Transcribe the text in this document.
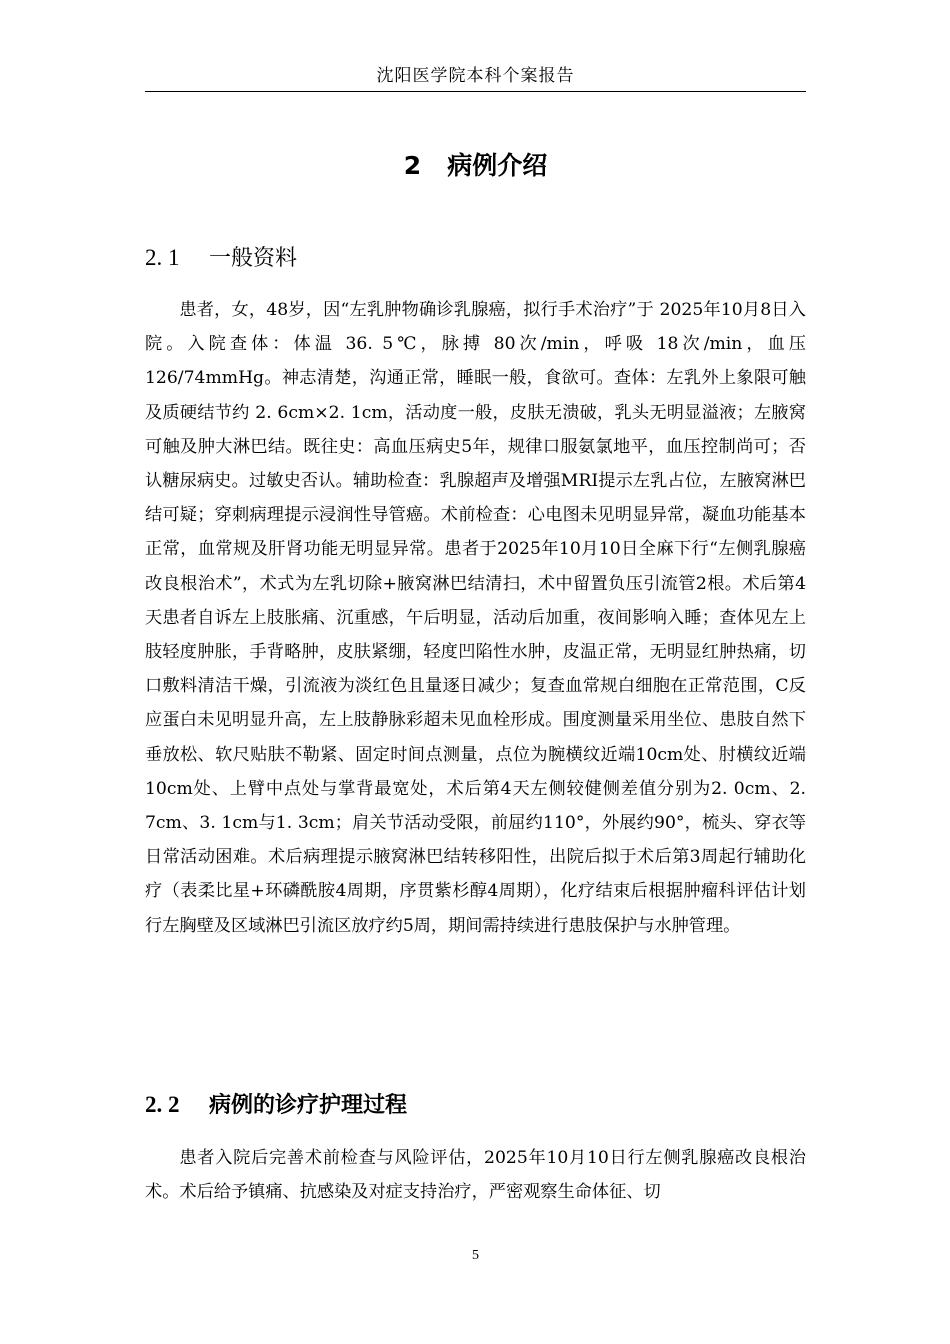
沈阳医学院本科个案报告
2 病例介绍
2. 1 一般资料

患者，女，48岁，因“左乳肿物确诊乳腺癌，拟行手术治疗”于 2025年10月8日入院。入院查体：体温 36. 5℃，脉搏 80次/min，呼吸 18次/min，血压 126/74mmHg。神志清楚，沟通正常，睡眠一般，食欲可。查体：左乳外上象限可触及质硬结节约 2. 6cm×2. 1cm，活动度一般，皮肤无溃破，乳头无明显溢液；左腋窝可触及肿大淋巴结。既往史：高血压病史5年，规律口服氨氯地平，血压控制尚可；否认糖尿病史。过敏史否认。辅助检查：乳腺超声及增强MRI提示左乳占位，左腋窝淋巴结可疑；穿刺病理提示浸润性导管癌。术前检查：心电图未见明显异常，凝血功能基本正常，血常规及肝肾功能无明显异常。患者于2025年10月10日全麻下行“左侧乳腺癌改良根治术”，术式为左乳切除+腋窝淋巴结清扫，术中留置负压引流管2根。术后第4天患者自诉左上肢胀痛、沉重感，午后明显，活动后加重，夜间影响入睡；查体见左上肢轻度肿胀，手背略肿，皮肤紧绷，轻度凹陷性水肿，皮温正常，无明显红肿热痛，切口敷料清洁干燥，引流液为淡红色且量逐日减少；复查血常规白细胞在正常范围，C反应蛋白未见明显升高，左上肢静脉彩超未见血栓形成。围度测量采用坐位、患肢自然下垂放松、软尺贴肤不勒紧、固定时间点测量，点位为腕横纹近端10cm处、肘横纹近端10cm处、上臂中点处与掌背最宽处，术后第4天左侧较健侧差值分别为2. 0cm、2. 7cm、3. 1cm与1. 3cm；肩关节活动受限，前屈约110°，外展约90°，梳头、穿衣等日常活动困难。术后病理提示腋窝淋巴结转移阳性，出院后拟于术后第3周起行辅助化疗（表柔比星+环磷酰胺4周期，序贯紫杉醇4周期），化疗结束后根据肿瘤科评估计划行左胸壁及区域淋巴引流区放疗约5周，期间需持续进行患肢保护与水肿管理。

2. 2 病例的诊疗护理过程

患者入院后完善术前检查与风险评估，2025年10月10日行左侧乳腺癌改良根治术。术后给予镇痛、抗感染及对症支持治疗，严密观察生命体征、切

5
